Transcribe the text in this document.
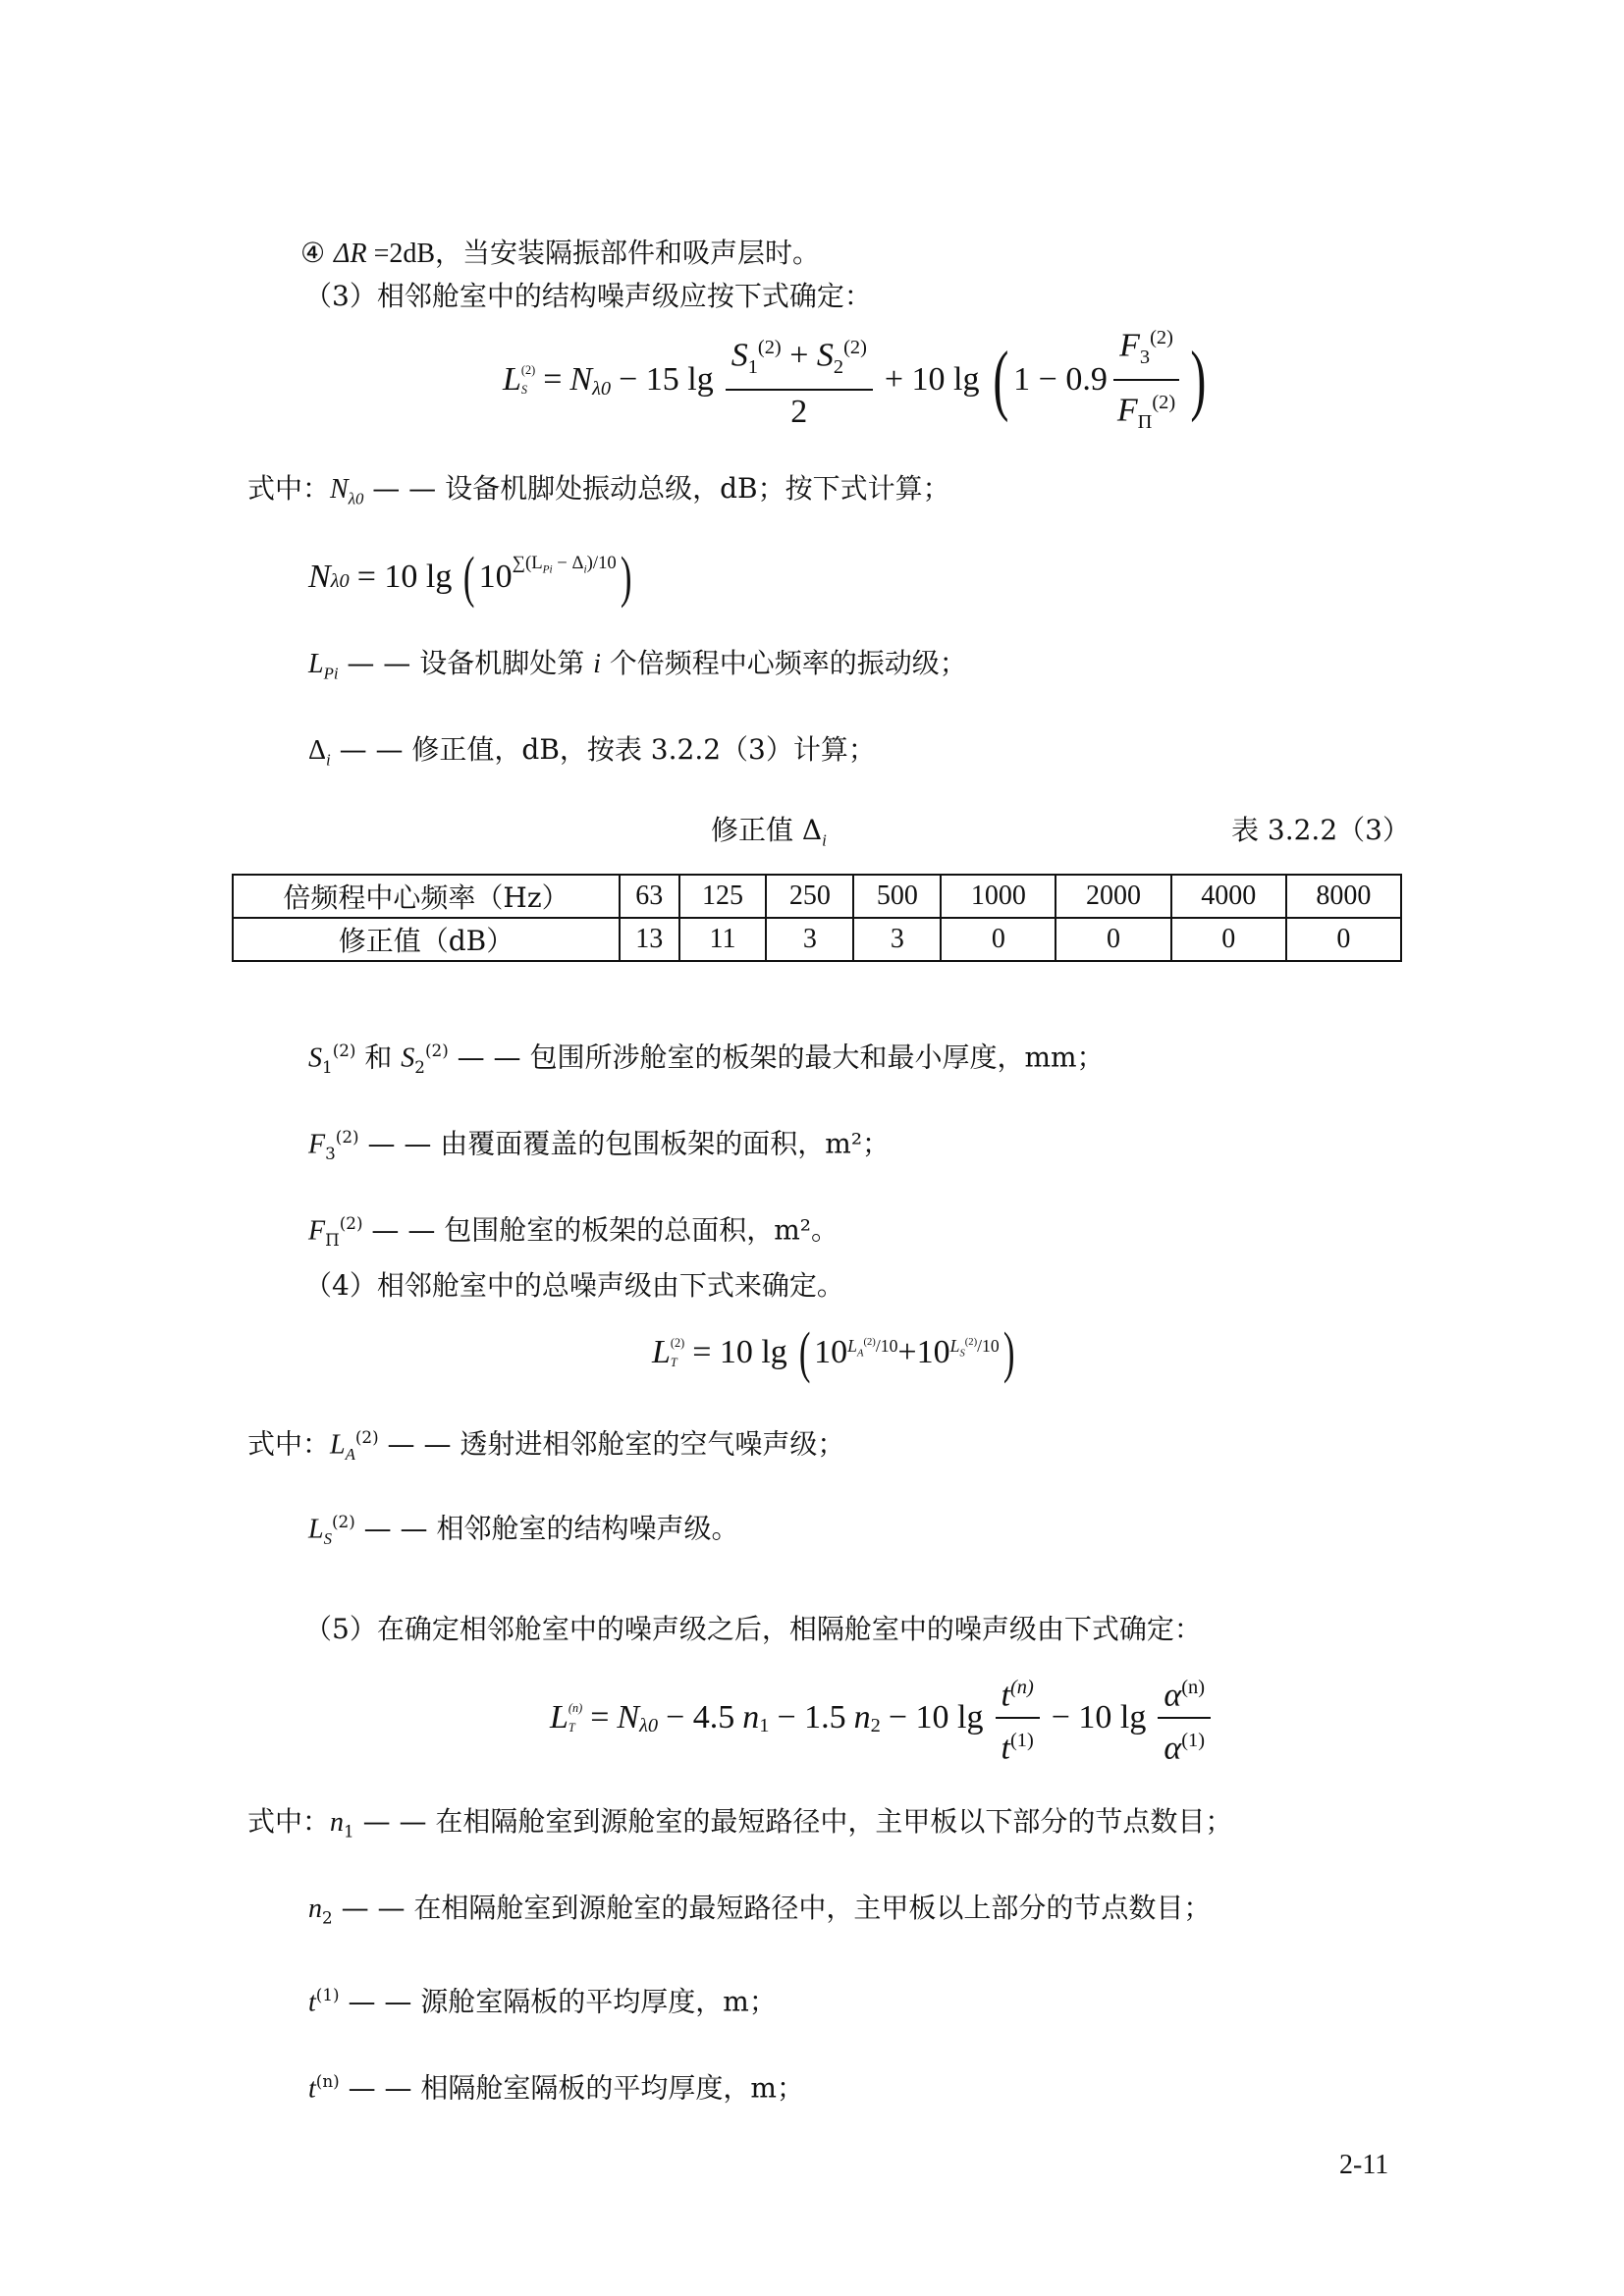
④ ΔR =2dB，当安装隔振部件和吸声层时。
（3）相邻舱室中的结构噪声级应按下式确定：
L (2)
$S = N_{\lambda 0} - 15$ $\lg \frac{S_1^{(2)} + S_2^{(2)}}{2} + 10$ lg ( $1 - 0.9 \frac{F_3^{(2)}}{F_\Pi^{(2)}}$ )
式中：$N_{\lambda 0}$ — — 设备机脚处振动总级，dB；按下式计算；
N λ0 = 10 lg ( 10 $\sum(L_{Pi} - \Delta_i)/10$ )
$L_{Pi}$ — — 设备机脚处第 i 个倍频程中心频率的振动级；
$\Delta_i$ — — 修正值，dB，按表 3.2.2（3）计算；
修正值 $\Delta_i$	表 3.2.2（3）
倍频程中心频率（Hz）	63	125	250	500	1000	2000	4000	8000
修正值（dB）	13	11	3	3	0	0	0	0
$S_1^{(2)}$ 和 $S_2^{(2)}$ — — 包围所涉舱室的板架的最大和最小厚度，mm；
$F_3^{(2)}$ — — 由覆面覆盖的包围板架的面积，m²；
$F_\Pi^{(2)}$ — — 包围舱室的板架的总面积，m²。
（4）相邻舱室中的总噪声级由下式来确定。
L (2)
T = 10 lg ( 10 $L_A^{(2)}/10 + 10$ $L_S^{(2)}/10$ )
式中：$L_A^{(2)}$ — — 透射进相邻舱室的空气噪声级；
$L_S^{(2)}$ — — 相邻舱室的结构噪声级。
（5）在确定相邻舱室中的噪声级之后，相隔舱室中的噪声级由下式确定：
L (n)
$T = N_{\lambda 0} - 4.5$ $n_1 - 1.5$ $n_2 - 10$ $\lg \frac{t^{(n)}}{t^{(1)}} - 10$ $\lg \frac{\alpha^{(n)}}{\alpha^{(1)}}$
式中：$n_1$ — — 在相隔舱室到源舱室的最短路径中，主甲板以下部分的节点数目；
$n_2$ — — 在相隔舱室到源舱室的最短路径中，主甲板以上部分的节点数目；
$t^{(1)}$ — — 源舱室隔板的平均厚度，m；
$t^{(n)}$ — — 相隔舱室隔板的平均厚度，m；
2-11
